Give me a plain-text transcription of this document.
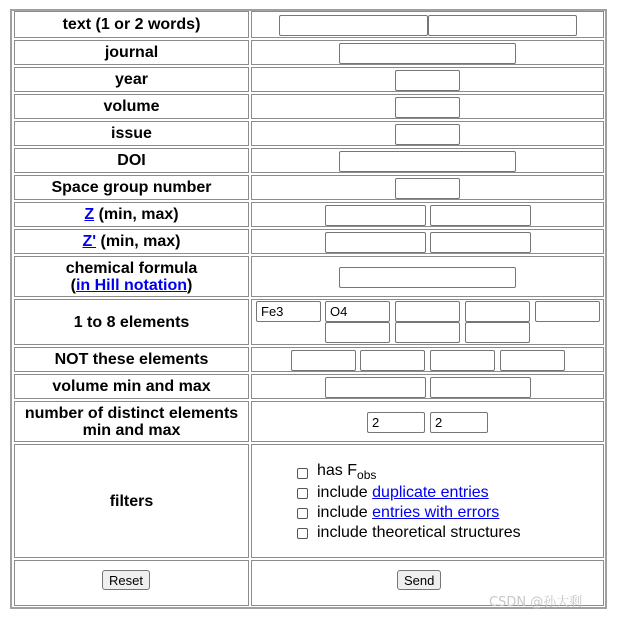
text (1 or 2 words)
journal
year
volume
issue
DOI
Space group number
Z (min, max)
Z' (min, max)
chemical formula
(in Hill notation)
1 to 8 elements
Fe3
O4
NOT these elements
volume min and max
number of distinct elements
min and max
2
2
filters
has $F_{obs}$
include duplicate entries
include entries with errors
include theoretical structures
Reset	Send
CSDN @孙大剩
